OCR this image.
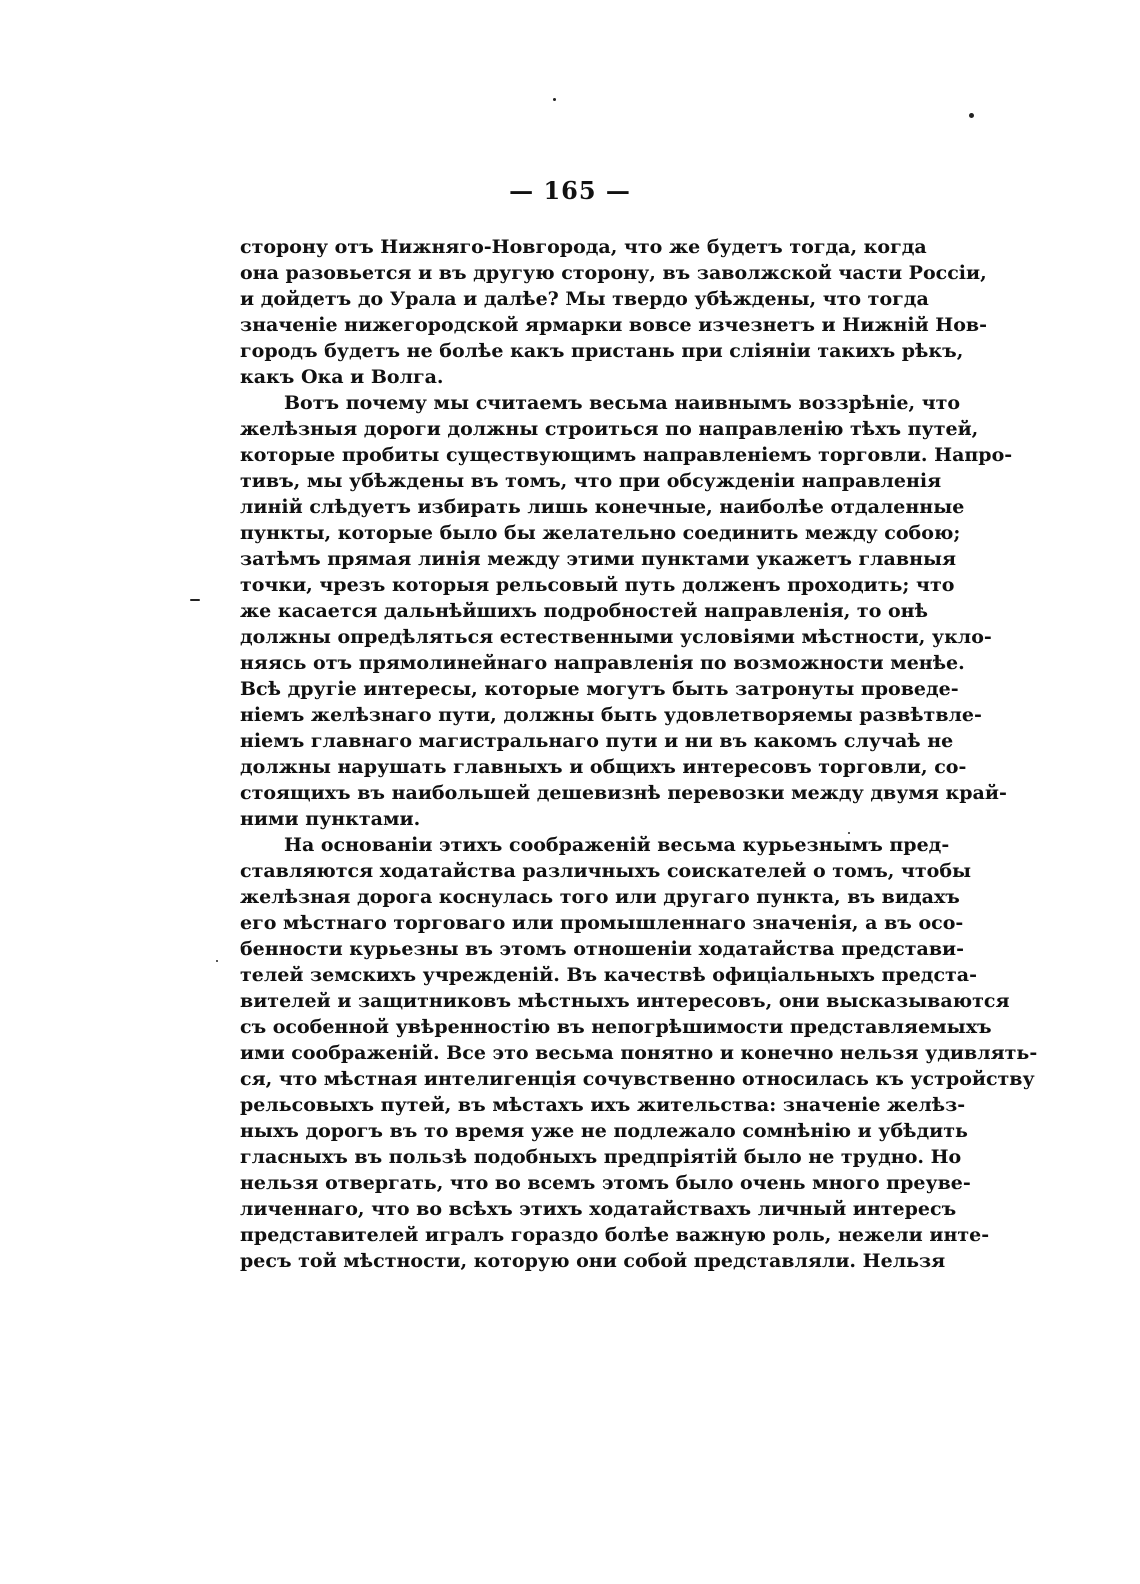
— 165 —
сторону отъ Нижняго-Новгорода, что же будетъ тогда, когда
она разовьется и въ другую сторону, въ заволжской части Россіи,
и дойдетъ до Урала и далѣе? Мы твердо убѣждены, что тогда
значеніе нижегородской ярмарки вовсе изчезнетъ и Нижній Нов-
городъ будетъ не болѣе какъ пристань при сліяніи такихъ рѣкъ,
какъ Ока и Волга.
Вотъ почему мы считаемъ весьма наивнымъ воззрѣніе, что
желѣзныя дороги должны строиться по направленію тѣхъ путей,
которые пробиты существующимъ направленіемъ торговли. Напро-
тивъ, мы убѣждены въ томъ, что при обсужденіи направленія
линій слѣдуетъ избирать лишь конечные, наиболѣе отдаленные
пункты, которые было бы желательно соединить между собою;
затѣмъ прямая линія между этими пунктами укажетъ главныя
точки, чрезъ которыя рельсовый путь долженъ проходить; что
же касается дальнѣйшихъ подробностей направленія, то онѣ
должны опредѣляться естественными условіями мѣстности, укло-
няясь отъ прямолинейнаго направленія по возможности менѣе.
Всѣ другіе интересы, которые могутъ быть затронуты проведе-
ніемъ желѣзнаго пути, должны быть удовлетворяемы развѣтвле-
ніемъ главнаго магистральнаго пути и ни въ какомъ случаѣ не
должны нарушать главныхъ и общихъ интересовъ торговли, со-
стоящихъ въ наибольшей дешевизнѣ перевозки между двумя край-
ними пунктами.
На основаніи этихъ соображеній весьма курьезнымъ пред-
ставляются ходатайства различныхъ соискателей о томъ, чтобы
желѣзная дорога коснулась того или другаго пункта, въ видахъ
его мѣстнаго торговаго или промышленнаго значенія, а въ осо-
бенности курьезны въ этомъ отношеніи ходатайства представи-
телей земскихъ учрежденій. Въ качествѣ офиціальныхъ предста-
вителей и защитниковъ мѣстныхъ интересовъ, они высказываются
съ особенной увѣренностію въ непогрѣшимости представляемыхъ
ими соображеній. Все это весьма понятно и конечно нельзя удивлять-
ся, что мѣстная интелигенція сочувственно относилась къ устройству
рельсовыхъ путей, въ мѣстахъ ихъ жительства: значеніе желѣз-
ныхъ дорогъ въ то время уже не подлежало сомнѣнію и убѣдить
гласныхъ въ пользѣ подобныхъ предпріятій было не трудно. Но
нельзя отвергать, что во всемъ этомъ было очень много преуве-
личеннаго, что во всѣхъ этихъ ходатайствахъ личный интересъ
представителей игралъ гораздо болѣе важную роль, нежели инте-
ресъ той мѣстности, которую они собой представляли. Нельзя
